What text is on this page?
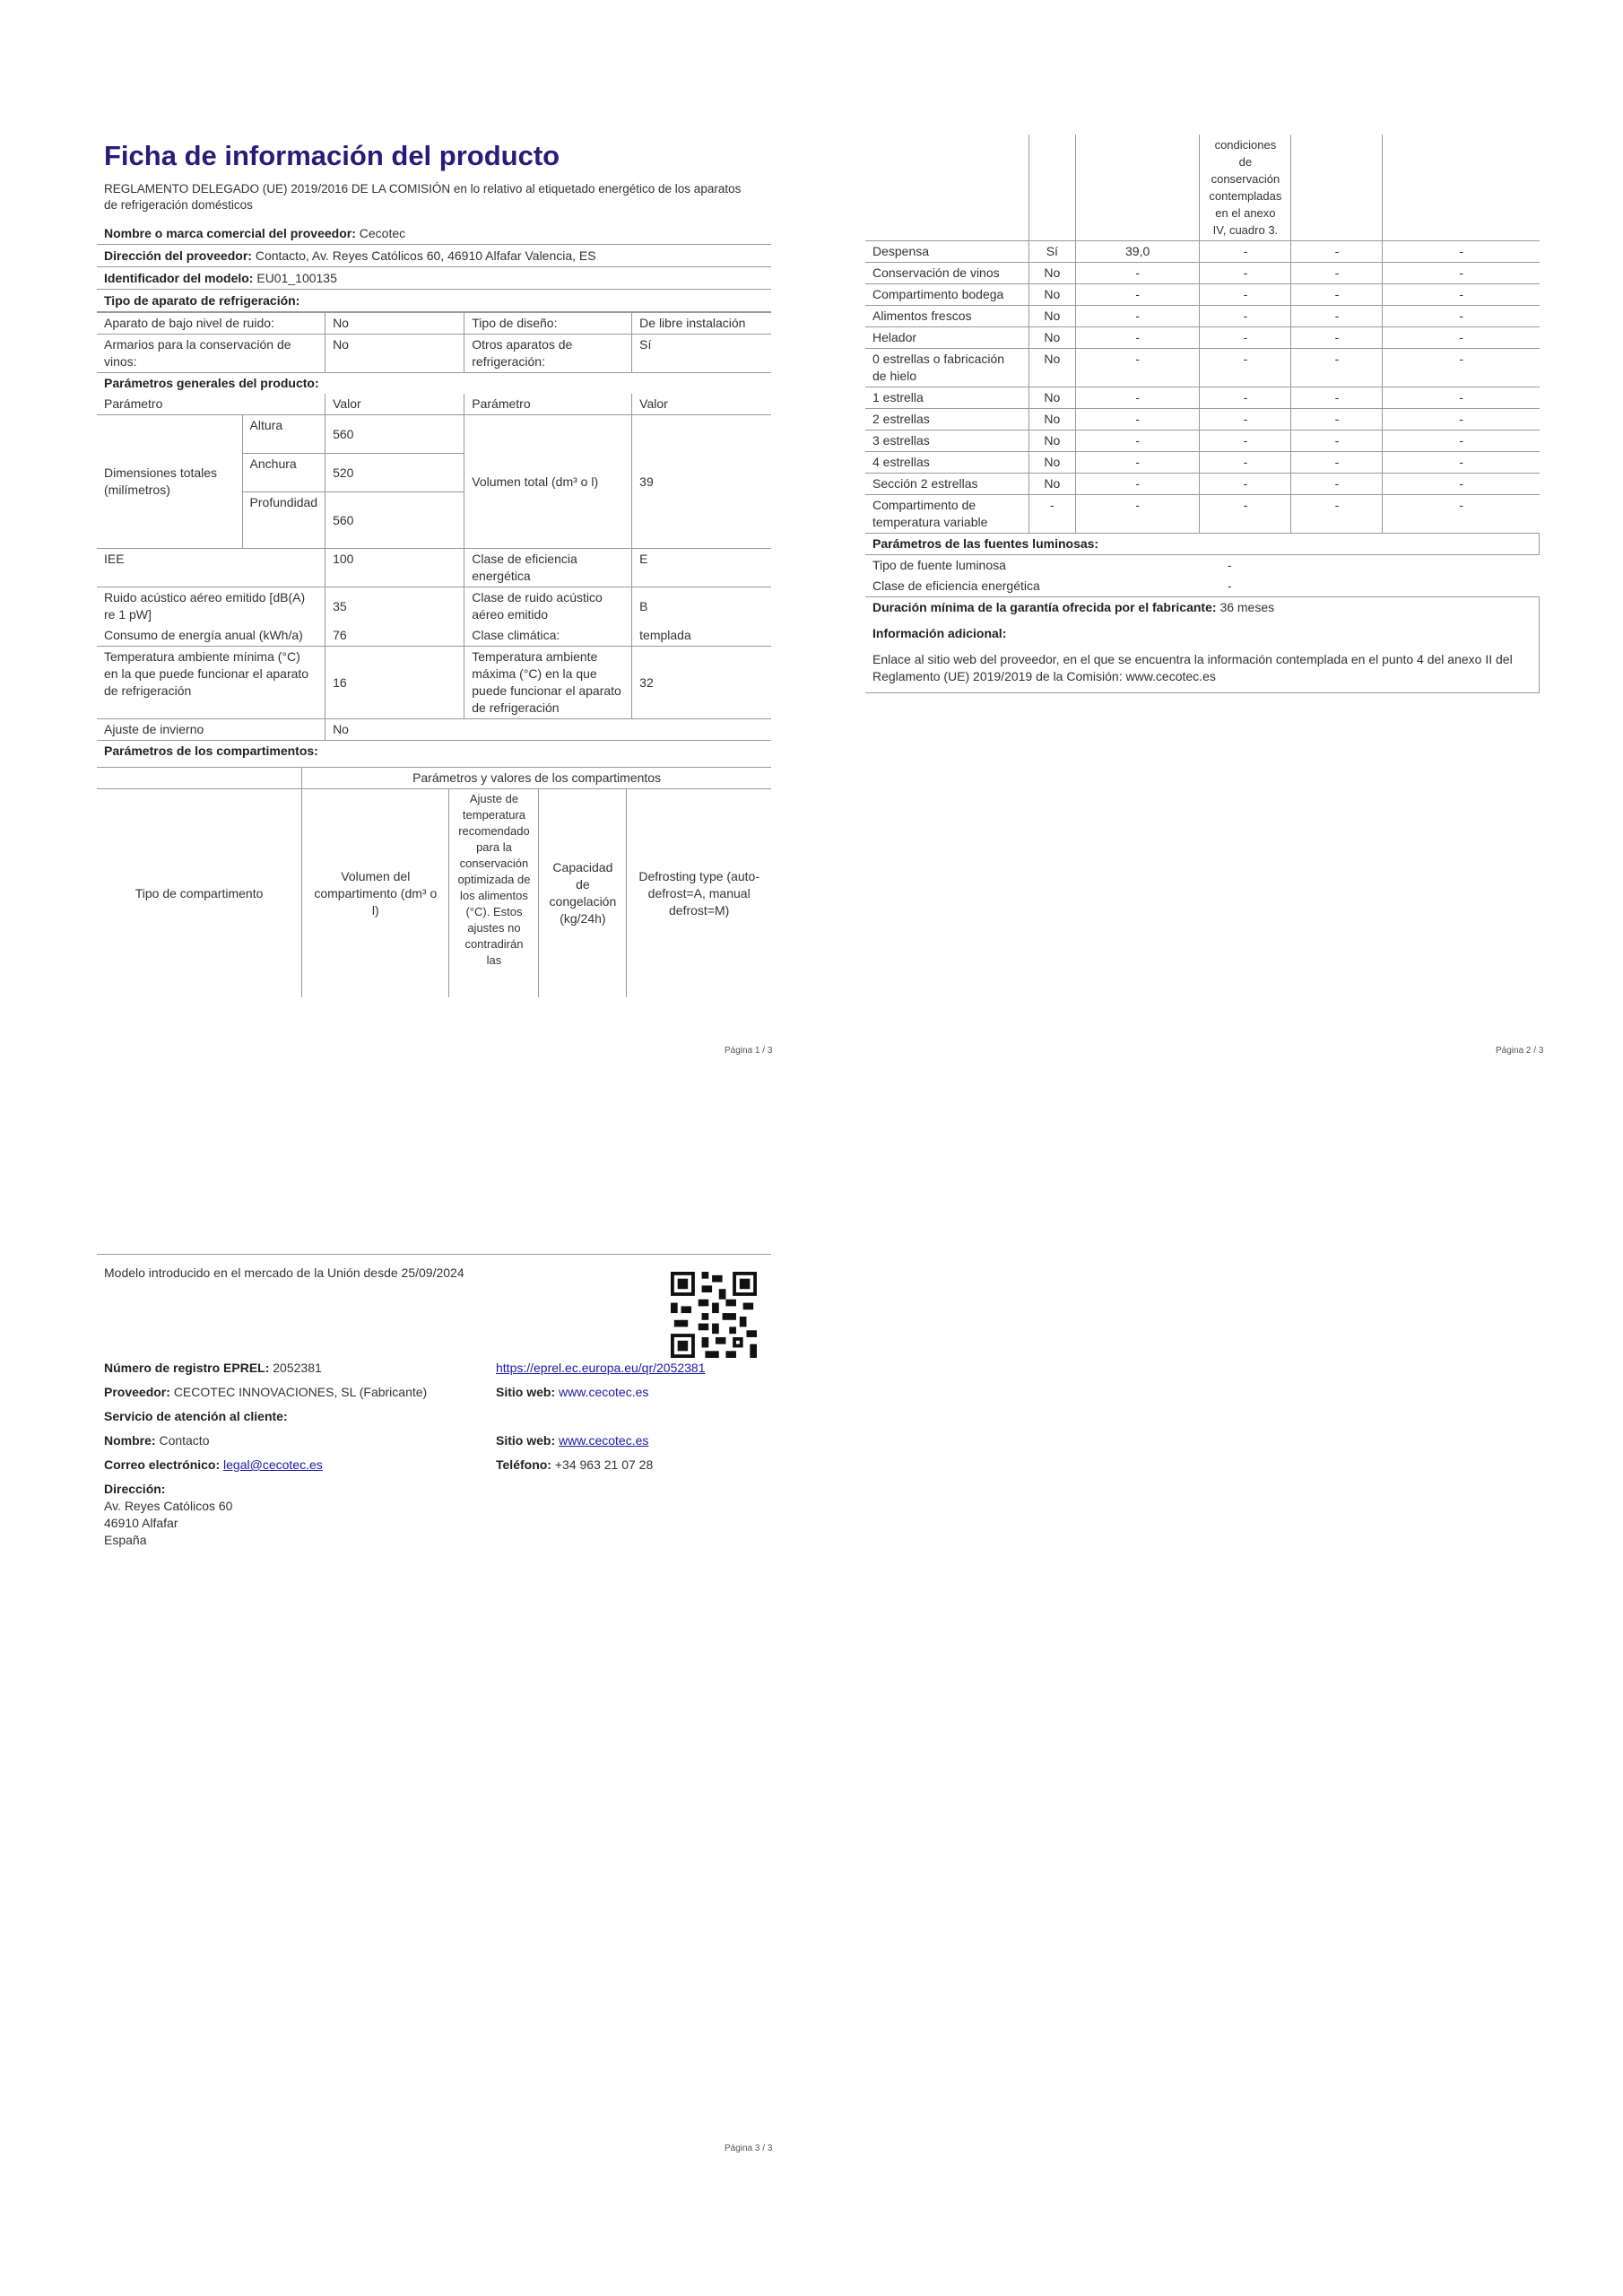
Ficha de información del producto
REGLAMENTO DELEGADO (UE) 2019/2016 DE LA COMISIÓN en lo relativo al etiquetado energético de los aparatos de refrigeración domésticos
Nombre o marca comercial del proveedor: Cecotec
Dirección del proveedor: Contacto, Av. Reyes Católicos 60, 46910 Alfafar Valencia, ES
Identificador del modelo: EU01_100135
Tipo de aparato de refrigeración:
Aparato de bajo nivel de ruido:		No	Tipo de diseño:	De libre instalación
Armarios para la conservación de vinos:		No	Otros aparatos de refrigeración:	Sí
Parámetros generales del producto:				
Parámetro		Valor	Parámetro	Valor
Dimensiones totales (milímetros)	Altura	560	Volumen total (dm³ o l)	39
	Anchura	520		
	Profundidad	560		
IEE		100	Clase de eficiencia energética	E
Ruido acústico aéreo emitido [dB(A) re 1 pW]		35	Clase de ruido acústico aéreo emitido	B
Consumo de energía anual (kWh/a)		76	Clase climática:	templada
Temperatura ambiente mínima (°C) en la que puede funcionar el aparato de refrigeración		16	Temperatura ambiente máxima (°C) en la que puede funcionar el aparato de refrigeración	32
Ajuste de invierno		No		
Parámetros de los compartimentos:				
	Parámetros y valores de los compartimentos			
Tipo de compartimento	Volumen del compartimento (dm³ o l)	Ajuste de temperatura recomendado para la conservación optimizada de los alimentos (°C). Estos ajustes no contradirán las	Capacidad de congelación (kg/24h)	Defrosting type (auto-defrost=A, manual defrost=M)
Página 1 / 3
			condiciones de conservación contempladas en el anexo IV, cuadro 3.		
Despensa	Sí	39,0	-	-	-
Conservación de vinos	No	-	-	-	-
Compartimento bodega	No	-	-	-	-
Alimentos frescos	No	-	-	-	-
Helador	No	-	-	-	-
0 estrellas o fabricación de hielo	No	-	-	-	-
1 estrella	No	-	-	-	-
2 estrellas	No	-	-	-	-
3 estrellas	No	-	-	-	-
4 estrellas	No	-	-	-	-
Sección 2 estrellas	No	-	-	-	-
Compartimento de temperatura variable	-	-	-	-	-
Parámetros de las fuentes luminosas:	
Tipo de fuente luminosa	-
Clase de eficiencia energética	-
Duración mínima de la garantía ofrecida por el fabricante: 36 meses	
Información adicional:	
Enlace al sitio web del proveedor, en el que se encuentra la información contemplada en el punto 4 del anexo II del Reglamento (UE) 2019/2019 de la Comisión: www.cecotec.es	
Página 2 / 3
Modelo introducido en el mercado de la Unión desde 25/09/2024
Número de registro EPREL: 2052381	https://eprel.ec.europa.eu/qr/2052381
Proveedor: CECOTEC INNOVACIONES, SL (Fabricante)	Sitio web: www.cecotec.es
Servicio de atención al cliente:	
Nombre: Contacto	Sitio web: www.cecotec.es
Correo electrónico: legal@cecotec.es	Teléfono: +34 963 21 07 28

Dirección:
Av. Reyes Católicos 60
46910 Alfafar
España	
Página 3 / 3
